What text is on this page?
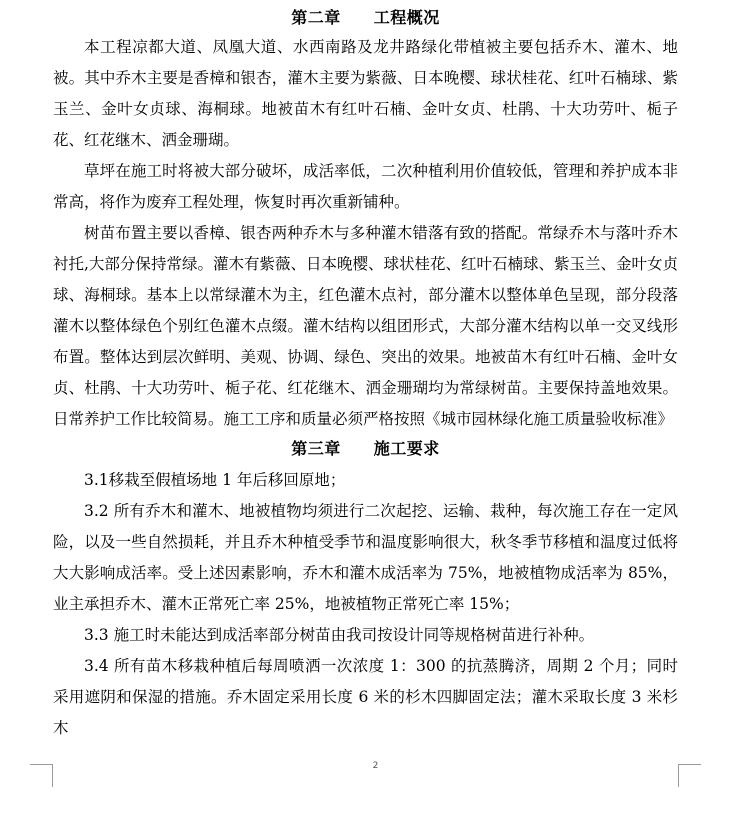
第二章　　工程概况

本工程凉都大道、凤凰大道、水西南路及龙井路绿化带植被主要包括乔木、灌木、地被。其中乔木主要是香樟和银杏，灌木主要为紫薇、日本晚樱、球状桂花、红叶石楠球、紫玉兰、金叶女贞球、海桐球。地被苗木有红叶石楠、金叶女贞、杜鹃、十大功劳叶、栀子花、红花继木、洒金珊瑚。

草坪在施工时将被大部分破坏，成活率低，二次种植利用价值较低，管理和养护成本非常高，将作为废弃工程处理，恢复时再次重新铺种。

树苗布置主要以香樟、银杏两种乔木与多种灌木错落有致的搭配。常绿乔木与落叶乔木衬托,大部分保持常绿。灌木有紫薇、日本晚樱、球状桂花、红叶石楠球、紫玉兰、金叶女贞球、海桐球。基本上以常绿灌木为主，红色灌木点衬，部分灌木以整体单色呈现，部分段落灌木以整体绿色个别红色灌木点缀。灌木结构以组团形式，大部分灌木结构以单一交叉线形布置。整体达到层次鲜明、美观、协调、绿色、突出的效果。地被苗木有红叶石楠、金叶女贞、杜鹃、十大功劳叶、栀子花、红花继木、洒金珊瑚均为常绿树苗。主要保持盖地效果。日常养护工作比较简易。施工工序和质量必须严格按照《城市园林绿化施工质量验收标准》

第三章　　施工要求

3.1移栽至假植场地 1 年后移回原地；

3.2 所有乔木和灌木、地被植物均须进行二次起挖、运输、栽种，每次施工存在一定风险，以及一些自然损耗，并且乔木种植受季节和温度影响很大，秋冬季节移植和温度过低将大大影响成活率。受上述因素影响，乔木和灌木成活率为 75%，地被植物成活率为 85%，业主承担乔木、灌木正常死亡率 25%，地被植物正常死亡率 15%；

3.3 施工时未能达到成活率部分树苗由我司按设计同等规格树苗进行补种。

3.4 所有苗木移栽种植后每周喷洒一次浓度 1：300 的抗蒸腾济，周期 2 个月；同时采用遮阴和保湿的措施。乔木固定采用长度 6 米的杉木四脚固定法；灌木采取长度 3 米杉木

2
